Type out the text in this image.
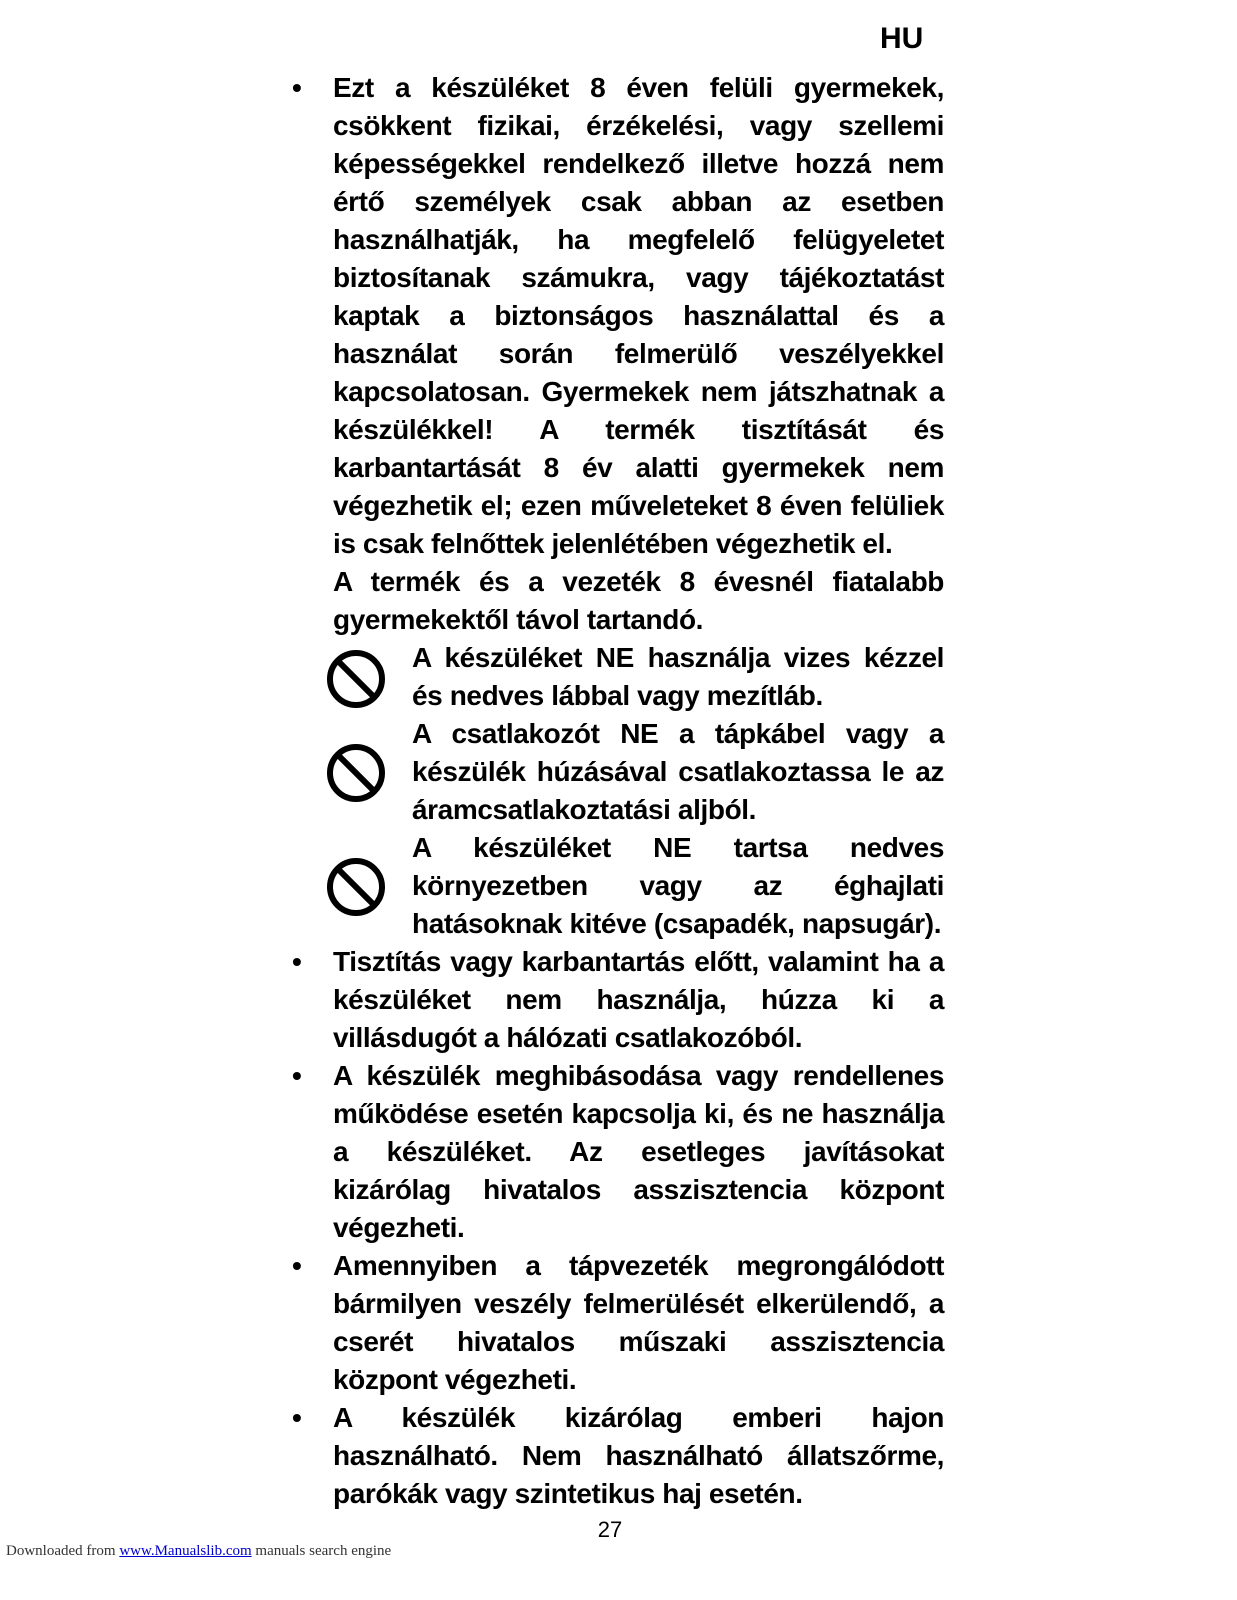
HU
•	Ezt a készüléket 8 éven felüli gyermekek, csökkent fizikai, érzékelési, vagy szellemi képességekkel rendelkező illetve hozzá nem értő személyek csak abban az esetben használhatják, ha megfelelő felügyeletet biztosítanak számukra, vagy tájékoztatást kaptak a biztonságos használattal és a használat során felmerülő veszélyekkel kapcsolatosan. Gyermekek nem játszhatnak a készülékkel! A termék tisztítását és karbantartását 8 év alatti gyermekek nem végezhetik el; ezen műveleteket 8 éven felüliek is csak felnőttek jelenlétében végezhetik el.

A termék és a vezeték 8 évesnél fiatalabb gyermekektől távol tartandó.

A készüléket NE használja vizes kézzel és nedves lábbal vagy mezítláb.
A csatlakozót NE a tápkábel vagy a készülék húzásával csatlakoztassa le az áramcsatlakoztatási aljból.
A készüléket NE tartsa nedves környezetben vagy az éghajlati hatásoknak kitéve (csapadék, napsugár).
•	Tisztítás vagy karbantartás előtt, valamint ha a készüléket nem használja, húzza ki a villásdugót a hálózati csatlakozóból.
•	A készülék meghibásodása vagy rendellenes működése esetén kapcsolja ki, és ne használja a készüléket. Az esetleges javításokat kizárólag hivatalos asszisztencia központ végezheti.
•	Amennyiben a tápvezeték megrongálódott bármilyen veszély felmerülését elkerülendő, a cserét hivatalos műszaki asszisztencia központ végezheti.
•	A készülék kizárólag emberi hajon használható. Nem használható állatszőrme, parókák vagy szintetikus haj esetén.
27
Downloaded from www.Manualslib.com manuals search engine
